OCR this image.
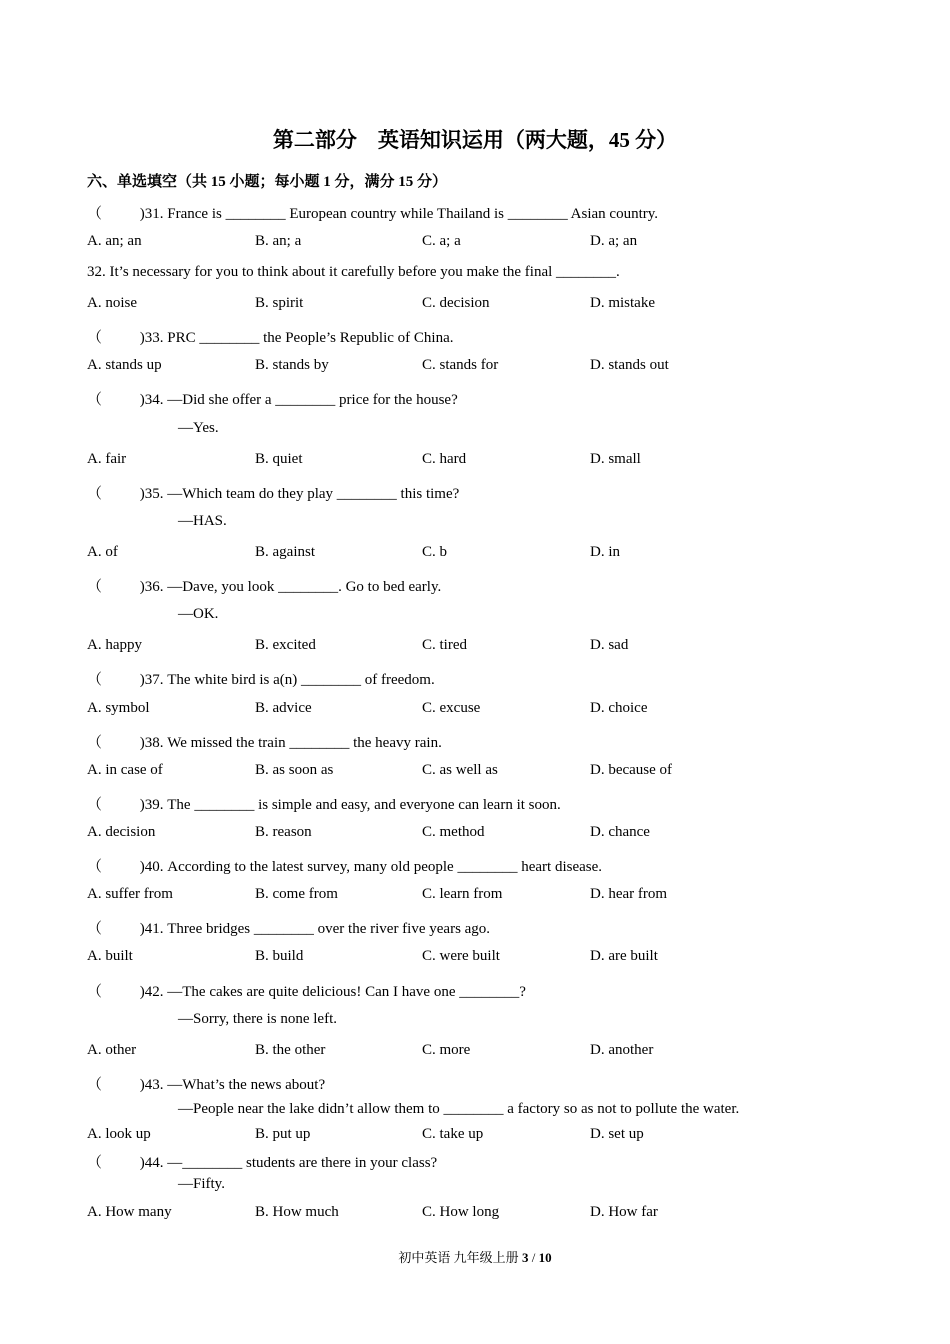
第二部分　英语知识运用（两大题，45 分）
六、单选填空（共 15 小题；每小题 1 分，满分 15 分）
（	)31. France is ________ European country while Thailand is ________ Asian country.
A. an; an	B. an; a	C. a; a	D. a; an
32. It’s necessary for you to think about it carefully before you make the final ________.
A. noise	B. spirit	C. decision	D. mistake
（	)33. PRC ________ the People’s Republic of China.
A. stands up	B. stands by	C. stands for	D. stands out
（	)34. —Did she offer a ________ price for the house?
—Yes.
A. fair	B. quiet	C. hard	D. small
（	)35. —Which team do they play ________ this time?
—HAS.
A. of	B. against	C. b	D. in
（	)36. —Dave, you look ________. Go to bed early.
—OK.
A. happy	B. excited	C. tired	D. sad
（	)37. The white bird is a(n) ________ of freedom.
A. symbol	B. advice	C. excuse	D. choice
（	)38. We missed the train ________ the heavy rain.
A. in case of	B. as soon as	C. as well as	D. because of
（	)39. The ________ is simple and easy, and everyone can learn it soon.
A. decision	B. reason	C. method	D. chance
（	)40. According to the latest survey, many old people ________ heart disease.
A. suffer from	B. come from	C. learn from	D. hear from
（	)41. Three bridges ________ over the river five years ago.
A. built	B. build	C. were built	D. are built
（	)42. —The cakes are quite delicious! Can I have one ________?
—Sorry, there is none left.
A. other	B. the other	C. more	D. another
（	)43. —What’s the news about?
—People near the lake didn’t allow them to ________ a factory so as not to pollute the water.
A. look up	B. put up	C. take up	D. set up
（	)44. —________ students are there in your class?
—Fifty.
A. How many	B. How much	C. How long	D. How far
初中英语 九年级上册 3 / 10
